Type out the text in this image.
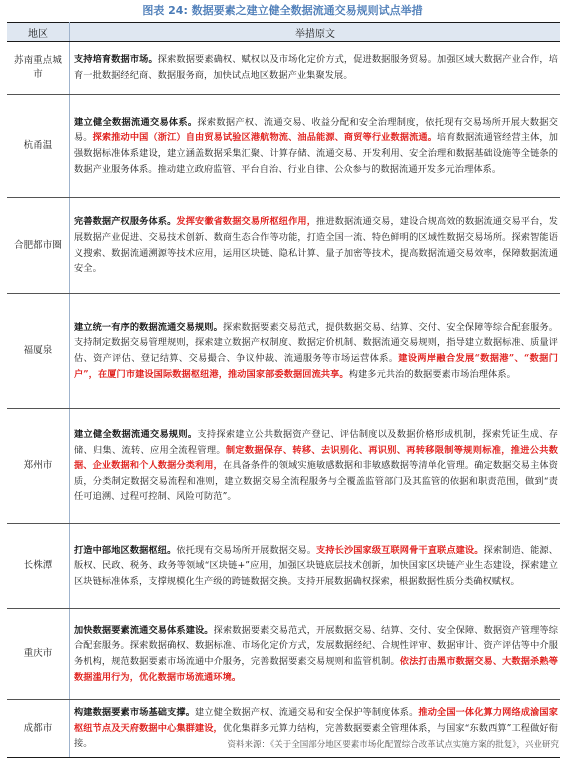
图表 24: 数据要素之建立健全数据流通交易规则试点举措
地区	举措原文
苏南重点城市	支持培育数据市场。探索数据要素确权、赋权以及市场化定价方式，促进数据服务贸易。加强区域大数据产业合作，培育一批数据经纪商、数据服务商，加快试点地区数据产业集聚发展。
杭甬温	建立健全数据流通交易体系。探索数据产权、流通交易、收益分配和安全治理制度，依托现有交易场所开展大数据交易。探索推动中国（浙江）自由贸易试验区港航物流、油品能源、商贸等行业数据流通。培育数据流通管经营主体，加强数据标准体系建设，建立涵盖数据采集汇聚、计算存储、流通交易、开发利用、安全治理和数据基础设施等全链条的数据产业服务体系。推动建立政府监管、平台自治、行业自律、公众参与的数据流通开发多元治理体系。
合肥都市圈	完善数据产权服务体系。发挥安徽省数据交易所枢纽作用，推进数据流通交易，建设合规高效的数据流通交易平台，发展数据产业促进、交易技术创新、数商生态合作等功能，打造全国一流、特色鲜明的区域性数据交易场所。探索智能语义搜索、数据流通溯源等技术应用，运用区块链、隐私计算、量子加密等技术，提高数据流通交易效率，保障数据流通安全。
福厦泉	建立统一有序的数据流通交易规则。探索数据要素交易范式，提供数据交易、结算、交付、安全保障等综合配套服务。支持制定数据交易管理规则，探索建立数据产权制度、数据定价机制、数据流通交易规则，指导建立数据标准、质量评估、资产评估、登记结算、交易撮合、争议仲裁、流通服务等市场运营体系。建设两岸融合发展“数据港”、“数据门户”，在厦门市建设国际数据枢纽港，推动国家部委数据回流共享。构建多元共治的数据要素市场治理体系。
郑州市	建立健全数据流通交易规则。支持探索建立公共数据资产登记、评估制度以及数据价格形成机制，探索凭证生成、存储、归集、流转、应用全流程管理。制定数据保存、转移、去识别化、再识别、再转移限制等规则标准，推进公共数据、企业数据和个人数据分类利用，在具备条件的领域实施敏感数据和非敏感数据等清单化管理。确定数据交易主体资质，分类制定数据交易流程和准则，建立数据交易全流程服务与全覆盖监管部门及其监管的依据和职责范围，做到“责任可追溯、过程可控制、风险可防范”。
长株潭	打造中部地区数据枢纽。依托现有交易场所开展数据交易。支持长沙国家级互联网骨干直联点建设。探索制造、能源、版权、民政、税务、政务等领域“区块链+”应用，加强区块链底层技术创新，加快国家区块链产业生态建设，探索建立区块链标准体系，支撑规模化生产级的跨链数据交换。支持开展数据确权探索，根据数据性质分类确权赋权。
重庆市	加快数据要素流通交易体系建设。探索数据要素交易范式，开展数据交易、结算、交付、安全保障、数据资产管理等综合配套服务。探索数据确权、数据标准、市场化定价方式，发展数据经纪、合规性评审、数据审计、资产评估等中介服务机构，规范数据要素市场流通中介服务，完善数据要素交易规则和监管机制。依法打击黑市数据交易、大数据杀熟等数据滥用行为，优化数据市场流通环境。
成都市	构建数据要素市场基础支撑。建立健全数据产权、流通交易和安全保护等制度体系。推动全国一体化算力网络成渝国家枢纽节点及天府数据中心集群建设，优化集群多元算力结构，完善数据要素全管理体系，与国家“东数西算”工程做好衔接。	资料来源：《关于全国部分地区要素市场化配置综合改革试点实施方案的批复》，兴业研究
